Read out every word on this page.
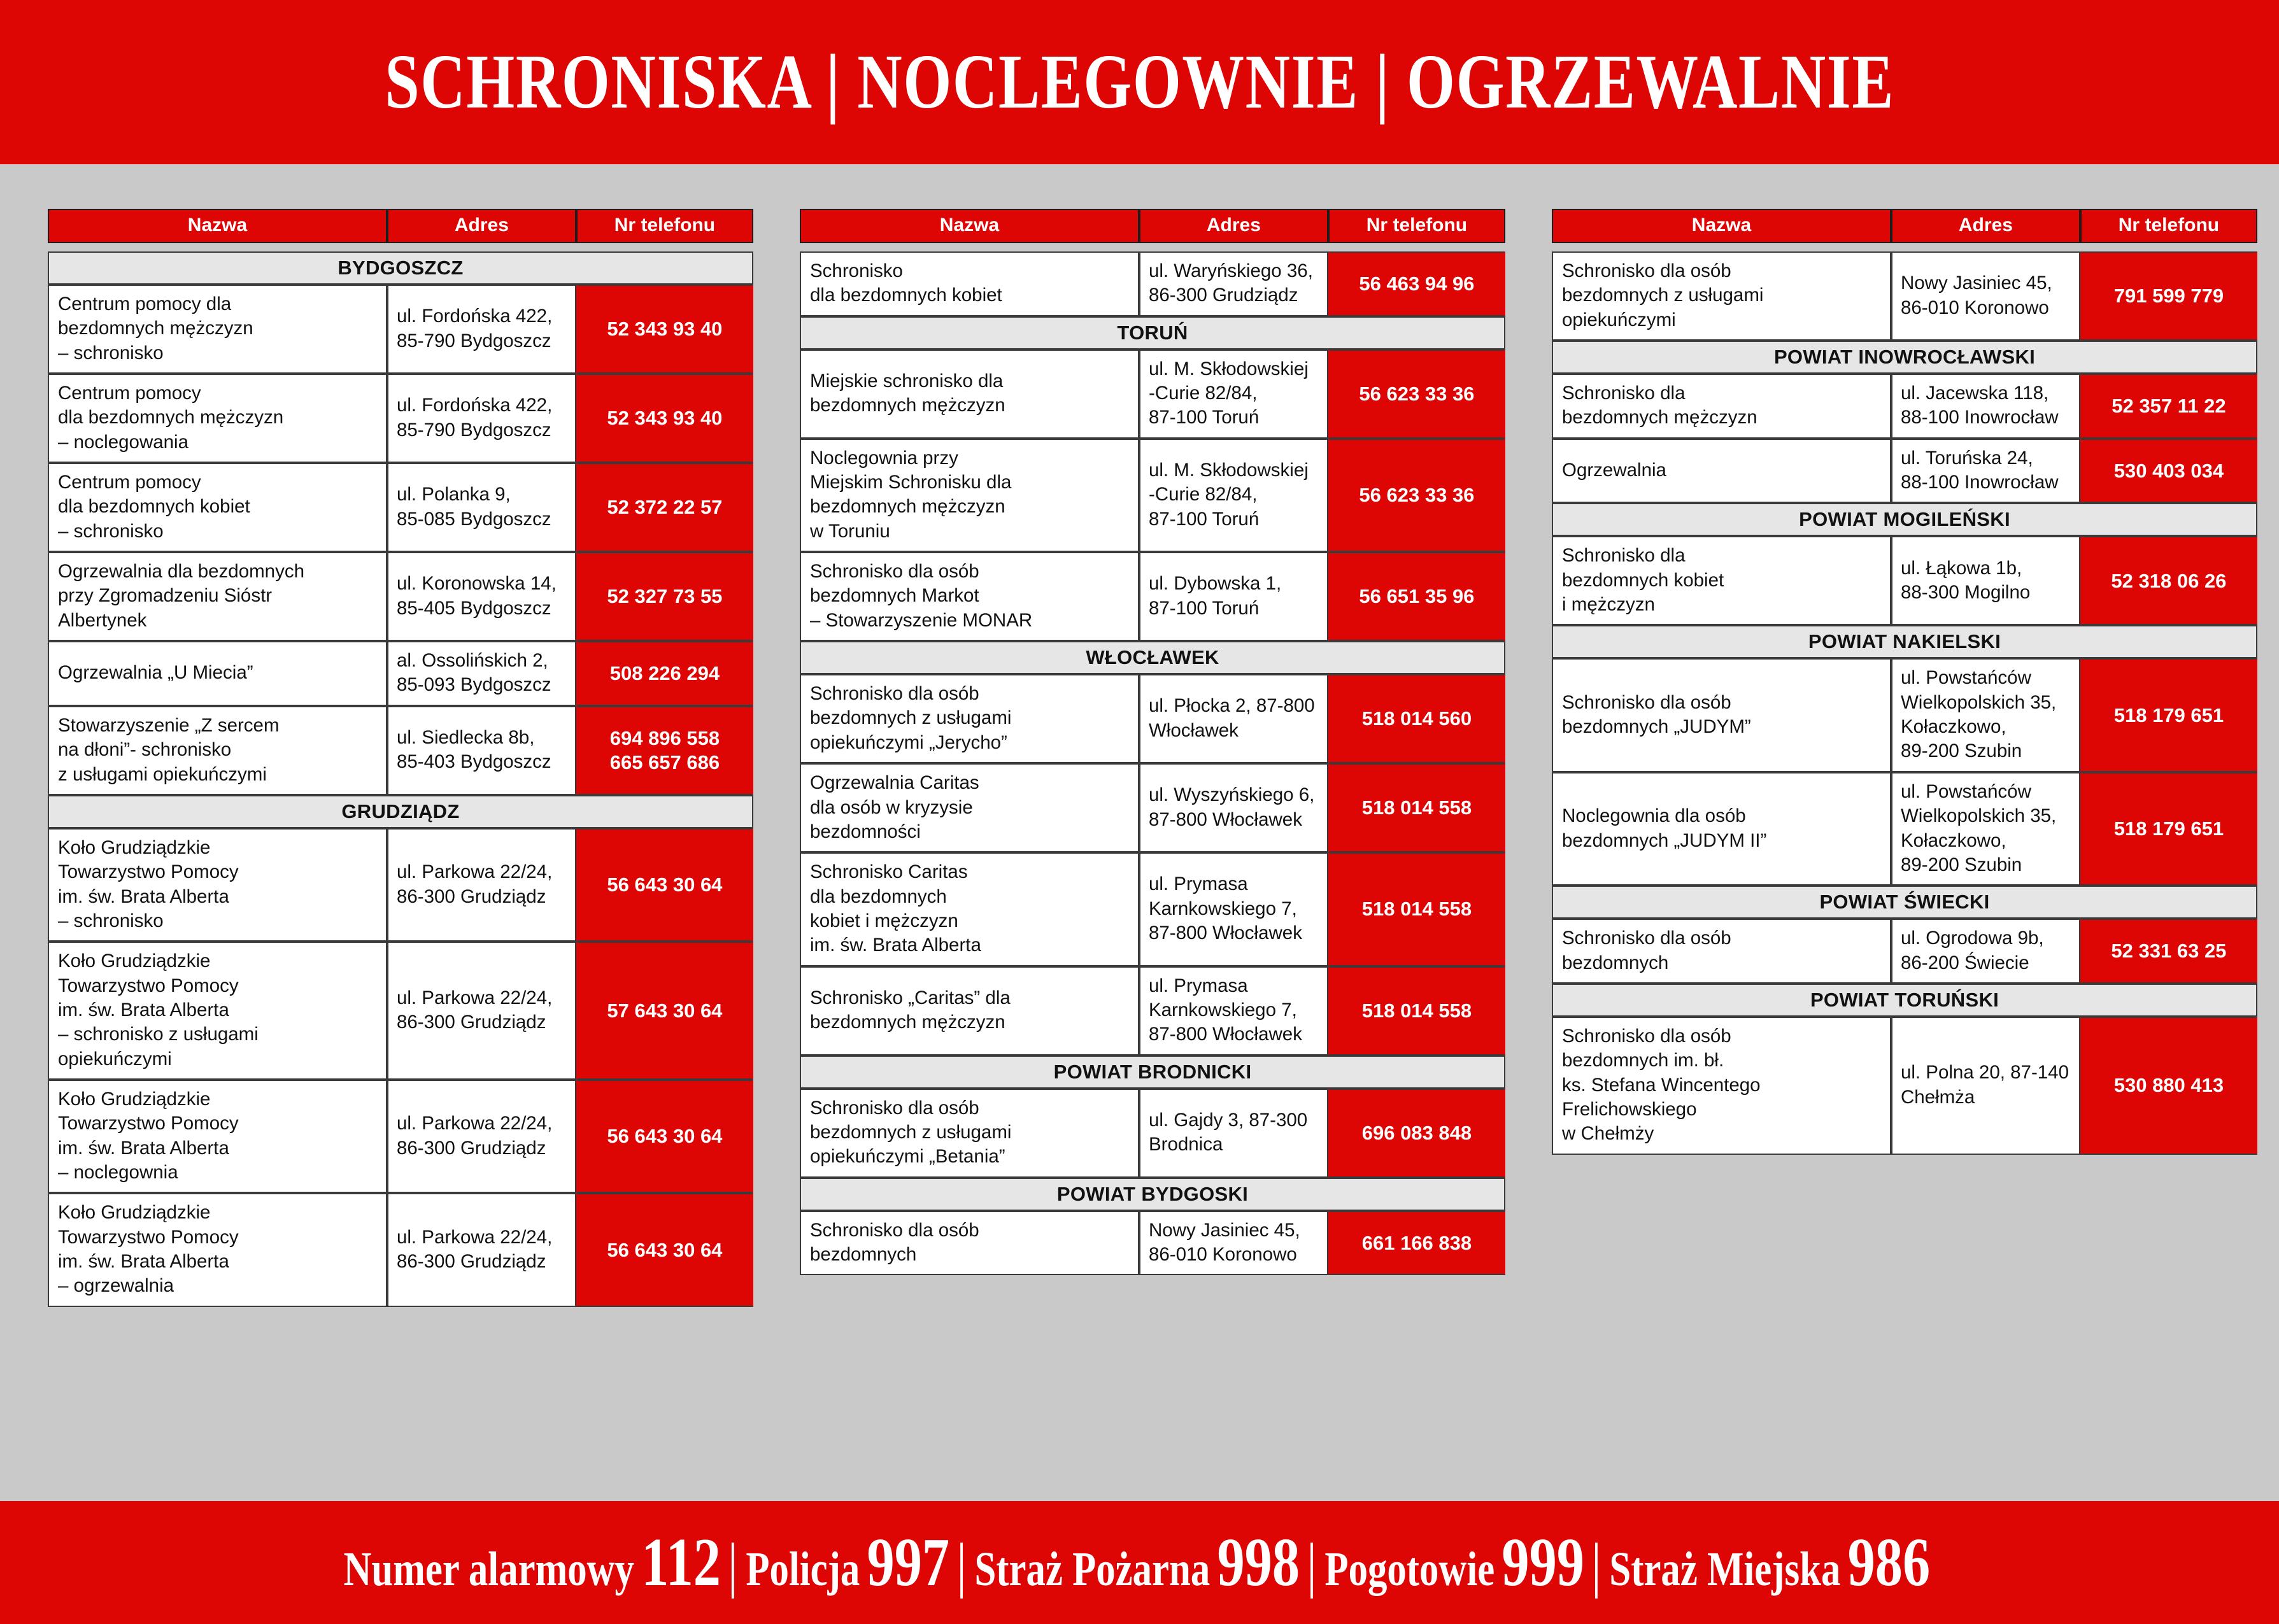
SCHRONISKA | NOCLEGOWNIE | OGRZEWALNIE
Nazwa	Adres	Nr telefonu

BYDGOSZCZ		
Centrum pomocy dla
bezdomnych mężczyzn
– schronisko	ul. Fordońska 422,
85-790 Bydgoszcz	52 343 93 40

Centrum pomocy
dla bezdomnych mężczyzn
– noclegowania	ul. Fordońska 422,
85-790 Bydgoszcz	52 343 93 40

Centrum pomocy
dla bezdomnych kobiet
– schronisko	ul. Polanka 9,
85-085 Bydgoszcz	52 372 22 57

Ogrzewalnia dla bezdomnych
przy Zgromadzeniu Sióstr
Albertynek	ul. Koronowska 14,
85-405 Bydgoszcz	52 327 73 55

Ogrzewalnia „U Miecia”	al. Ossolińskich 2,
85-093 Bydgoszcz	508 226 294

Stowarzyszenie „Z sercem
na dłoni”- schronisko
z usługami opiekuńczymi	ul. Siedlecka 8b,
85-403 Bydgoszcz	694 896 558
665 657 686

GRUDZIĄDZ		
Koło Grudziądzkie
Towarzystwo Pomocy
im. św. Brata Alberta
– schronisko	ul. Parkowa 22/24,
86-300 Grudziądz	56 643 30 64

Koło Grudziądzkie
Towarzystwo Pomocy
im. św. Brata Alberta
– schronisko z usługami
opiekuńczymi	ul. Parkowa 22/24,
86-300 Grudziądz	57 643 30 64

Koło Grudziądzkie
Towarzystwo Pomocy
im. św. Brata Alberta
– noclegownia	ul. Parkowa 22/24,
86-300 Grudziądz	56 643 30 64

Koło Grudziądzkie
Towarzystwo Pomocy
im. św. Brata Alberta
– ogrzewalnia	ul. Parkowa 22/24,
86-300 Grudziądz	56 643 30 64
Nazwa	Adres	Nr telefonu

Schronisko
dla bezdomnych kobiet	ul. Waryńskiego 36,
86-300 Grudziądz	56 463 94 96

TORUŃ		
Miejskie schronisko dla
bezdomnych mężczyzn	ul. M. Skłodowskiej
-Curie 82/84,
87-100 Toruń	56 623 33 36

Noclegownia przy
Miejskim Schronisku dla
bezdomnych mężczyzn
w Toruniu	ul. M. Skłodowskiej
-Curie 82/84,
87-100 Toruń	56 623 33 36

Schronisko dla osób
bezdomnych Markot
– Stowarzyszenie MONAR	ul. Dybowska 1,
87-100 Toruń	56 651 35 96

WŁOCŁAWEK		
Schronisko dla osób
bezdomnych z usługami
opiekuńczymi „Jerycho”	ul. Płocka 2, 87-800
Włocławek	518 014 560

Ogrzewalnia Caritas
dla osób w kryzysie
bezdomności	ul. Wyszyńskiego 6,
87-800 Włocławek	518 014 558

Schronisko Caritas
dla bezdomnych
kobiet i mężczyzn
im. św. Brata Alberta	ul. Prymasa
Karnkowskiego 7,
87-800 Włocławek	518 014 558

Schronisko „Caritas” dla
bezdomnych mężczyzn	ul. Prymasa
Karnkowskiego 7,
87-800 Włocławek	518 014 558

POWIAT BRODNICKI		
Schronisko dla osób
bezdomnych z usługami
opiekuńczymi „Betania”	ul. Gajdy 3, 87-300
Brodnica	696 083 848

POWIAT BYDGOSKI		
Schronisko dla osób
bezdomnych	Nowy Jasiniec 45,
86-010 Koronowo	661 166 838
Nazwa	Adres	Nr telefonu

Schronisko dla osób
bezdomnych z usługami
opiekuńczymi	Nowy Jasiniec 45,
86-010 Koronowo	791 599 779

POWIAT INOWROCŁAWSKI		
Schronisko dla
bezdomnych mężczyzn	ul. Jacewska 118,
88-100 Inowrocław	52 357 11 22

Ogrzewalnia	ul. Toruńska 24,
88-100 Inowrocław	530 403 034

POWIAT MOGILEŃSKI		
Schronisko dla
bezdomnych kobiet
i mężczyzn	ul. Łąkowa 1b,
88-300 Mogilno	52 318 06 26

POWIAT NAKIELSKI		
Schronisko dla osób
bezdomnych „JUDYM”	ul. Powstańców
Wielkopolskich 35,
Kołaczkowo,
89-200 Szubin	518 179 651

Noclegownia dla osób
bezdomnych „JUDYM II”	ul. Powstańców
Wielkopolskich 35,
Kołaczkowo,
89-200 Szubin	518 179 651

POWIAT ŚWIECKI		
Schronisko dla osób
bezdomnych	ul. Ogrodowa 9b,
86-200 Świecie	52 331 63 25

POWIAT TORUŃSKI		
Schronisko dla osób
bezdomnych im. bł.
ks. Stefana Wincentego
Frelichowskiego
w Chełmży	ul. Polna 20, 87-140
Chełmża	530 880 413
Numer alarmowy 112 | Policja 997 | Straż Pożarna 998 | Pogotowie 999 | Straż Miejska 986
